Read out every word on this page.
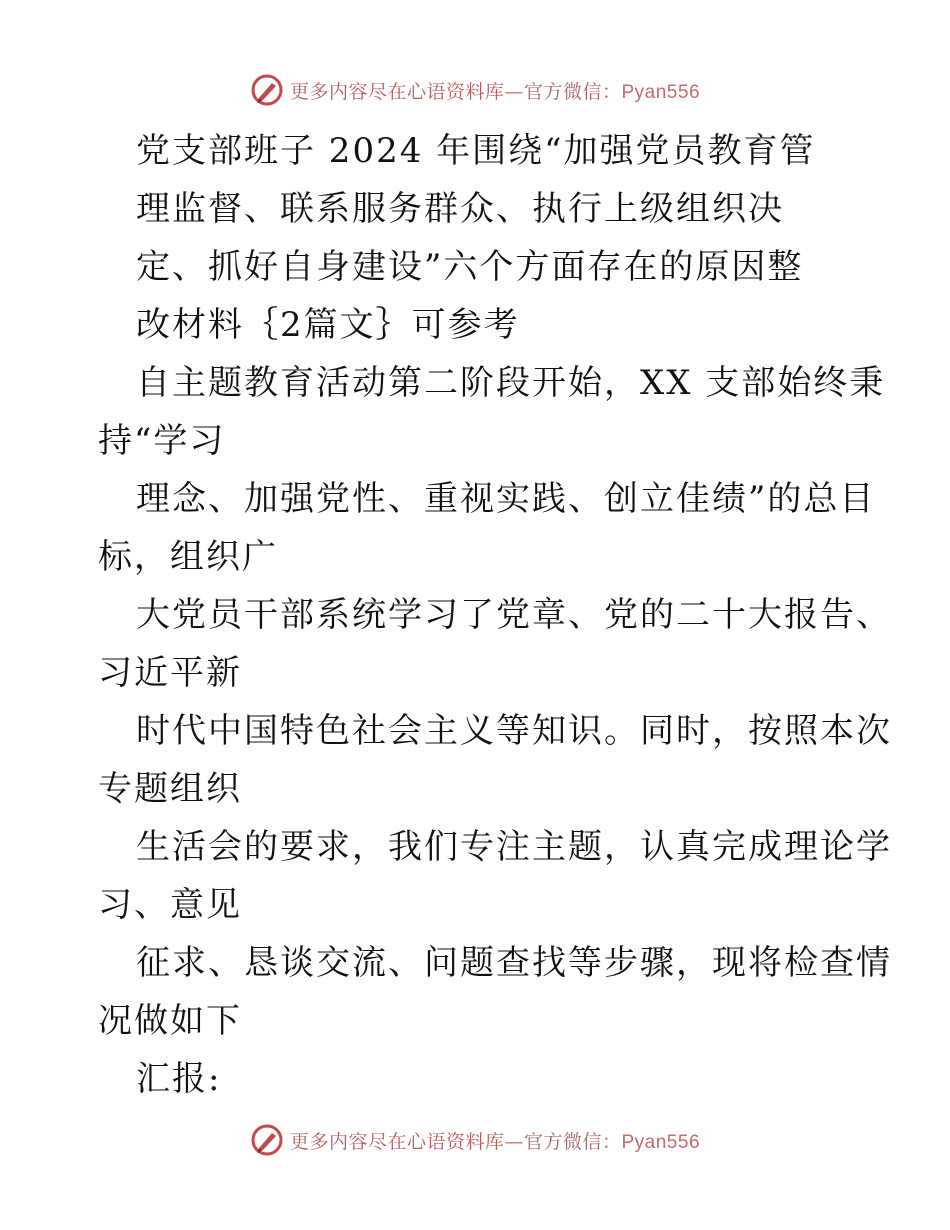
更多内容尽在心语资料库—官方微信：Pyan556
党支部班子 2024 年围绕“加强党员教育管
理监督、联系服务群众、执行上级组织决
定、抓好自身建设”六个方面存在的原因整
改材料｛2篇文｝可参考
自主题教育活动第二阶段开始，XX 支部始终秉
持“学习
理念、加强党性、重视实践、创立佳绩”的总目
标，组织广
大党员干部系统学习了党章、党的二十大报告、
习近平新
时代中国特色社会主义等知识。同时，按照本次
专题组织
生活会的要求，我们专注主题，认真完成理论学
习、意见
征求、恳谈交流、问题查找等步骤，现将检查情
况做如下
汇报:
更多内容尽在心语资料库—官方微信：Pyan556
